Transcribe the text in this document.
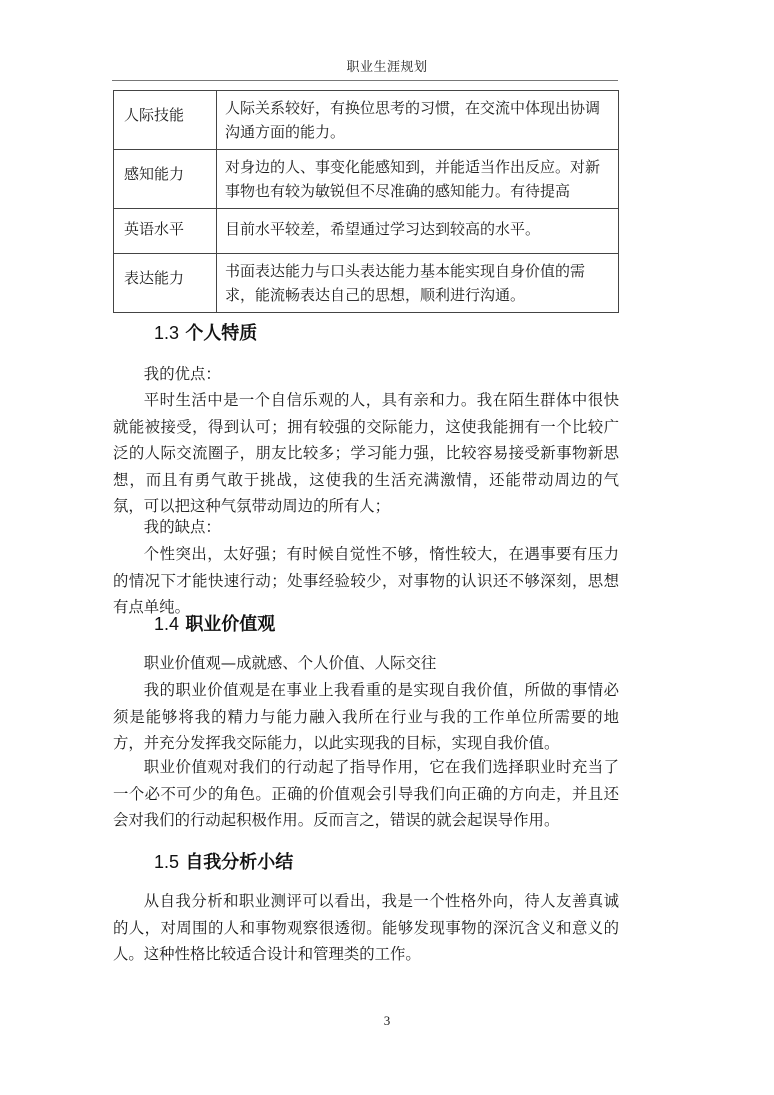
职业生涯规划
人际技能	人际关系较好，有换位思考的习惯，在交流中体现出协调沟通方面的能力。
感知能力	对身边的人、事变化能感知到，并能适当作出反应。对新事物也有较为敏锐但不尽准确的感知能力。有待提高
英语水平	目前水平较差，希望通过学习达到较高的水平。
表达能力	书面表达能力与口头表达能力基本能实现自身价值的需求，能流畅表达自己的思想，顺利进行沟通。
1.3 个人特质

我的优点：

平时生活中是一个自信乐观的人，具有亲和力。我在陌生群体中很快就能被接受，得到认可；拥有较强的交际能力，这使我能拥有一个比较广泛的人际交流圈子，朋友比较多；学习能力强，比较容易接受新事物新思想，而且有勇气敢于挑战，这使我的生活充满激情，还能带动周边的气氛，可以把这种气氛带动周边的所有人；

我的缺点：

个性突出，太好强；有时候自觉性不够，惰性较大，在遇事要有压力的情况下才能快速行动；处事经验较少，对事物的认识还不够深刻，思想有点单纯。

1.4 职业价值观

职业价值观—成就感、个人价值、人际交往

我的职业价值观是在事业上我看重的是实现自我价值，所做的事情必须是能够将我的精力与能力融入我所在行业与我的工作单位所需要的地方，并充分发挥我交际能力，以此实现我的目标，实现自我价值。

职业价值观对我们的行动起了指导作用，它在我们选择职业时充当了一个必不可少的角色。正确的价值观会引导我们向正确的方向走，并且还会对我们的行动起积极作用。反而言之，错误的就会起误导作用。

1.5 自我分析小结

从自我分析和职业测评可以看出，我是一个性格外向，待人友善真诚的人，对周围的人和事物观察很透彻。能够发现事物的深沉含义和意义的人。这种性格比较适合设计和管理类的工作。

3
